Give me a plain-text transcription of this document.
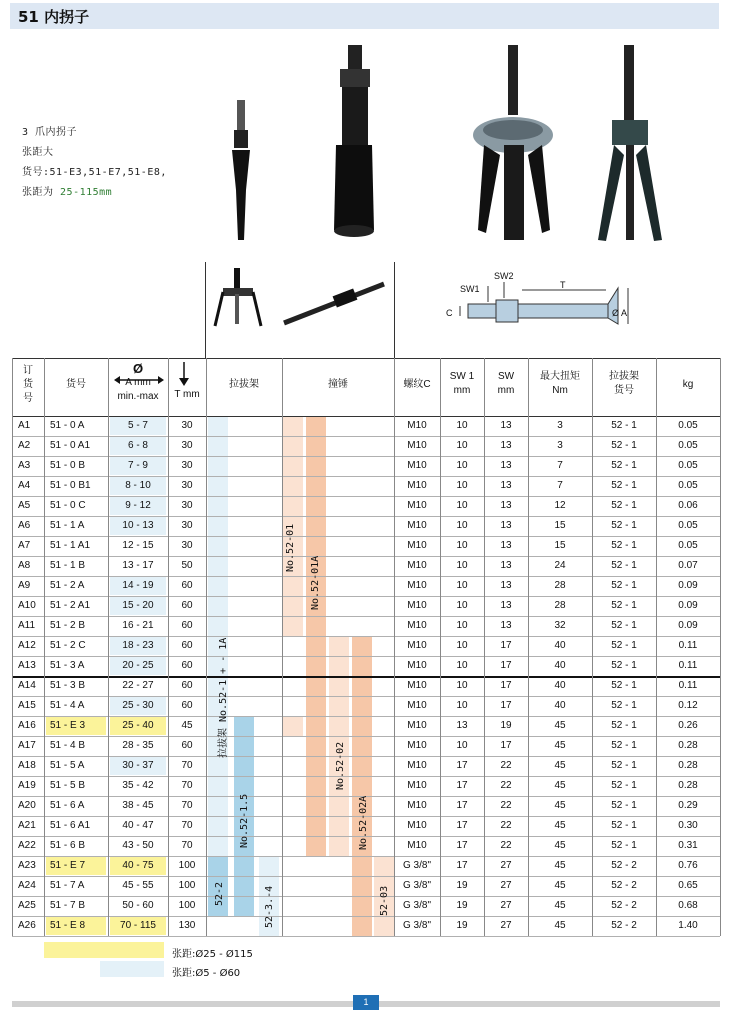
51 内拐子
3 爪内拐子
张距大
货号:51-E3,51-E7,51-E8,
张距为 25-115mm
SW1
SW2
T
C	Ø A
订
货
号
货号
Ø
A mm
min.-max	T mm
拉拔架	撞锤	螺纹C
SW 1
mm
SW
mm
最大扭矩
Nm
拉拔架
货号
kg
A1	51 - 0 A	5 - 7	30	M10	10	13	3	52 - 1	0.05
A2	51 - 0 A1	6 - 8	30	M10	10	13	3	52 - 1	0.05
A3	51 - 0 B	7 - 9	30	M10	10	13	7	52 - 1	0.05
A4	51 - 0 B1	8 - 10	30	M10	10	13	7	52 - 1	0.05
A5	51 - 0 C	9 - 12	30	M10	10	13	12	52 - 1	0.06
A6	51 - 1 A	10 - 13	30	M10	10	13	15	52 - 1	0.05
A7	51 - 1 A1	12 - 15	30	M10	10	13	15	52 - 1	0.05
A8	51 - 1 B	13 - 17	50	M10	10	13	24	52 - 1	0.07
A9	51 - 2 A	14 - 19	60	M10	10	13	28	52 - 1	0.09
A10	51 - 2 A1	15 - 20	60	M10	10	13	28	52 - 1	0.09
A11	51 - 2 B	16 - 21	60	M10	10	13	32	52 - 1	0.09
A12	51 - 2 C	18 - 23	60	M10	10	17	40	52 - 1	0.11
A13	51 - 3 A	20 - 25	60	M10	10	17	40	52 - 1	0.11
A14	51 - 3 B	22 - 27	60	M10	10	17	40	52 - 1	0.11
A15	51 - 4 A	25 - 30	60	M10	10	17	40	52 - 1	0.12
A16	51 - E 3	25 - 40	45	M10	13	19	45	52 - 1	0.26
A17	51 - 4 B	28 - 35	60	M10	10	17	45	52 - 1	0.28
A18	51 - 5 A	30 - 37	70	M10	17	22	45	52 - 1	0.28
A19	51 - 5 B	35 - 42	70	M10	17	22	45	52 - 1	0.28
A20	51 - 6 A	38 - 45	70	M10	17	22	45	52 - 1	0.29
A21	51 - 6 A1	40 - 47	70	M10	17	22	45	52 - 1	0.30
A22	51 - 6 B	43 - 50	70	M10	17	22	45	52 - 1	0.31
A23	51 - E 7	40 - 75	100	G 3/8"	17	27	45	52 - 2	0.76
A24	51 - 7 A	45 - 55	100	G 3/8"	19	27	45	52 - 2	0.65
A25	51 - 7 B	50 - 60	100	G 3/8"	19	27	45	52 - 2	0.68
A26	51 - E 8	70 - 115	130	G 3/8"	19	27	45	52 - 2	1.40
拉拔架 No.52-1 + - 1A
No.52-1.5
52-2	52-3.-4
No.52-01
No.52-01A
No.52-02
No.52-02A
52-03
张距:Ø25 - Ø115
张距:Ø5 - Ø60
1
